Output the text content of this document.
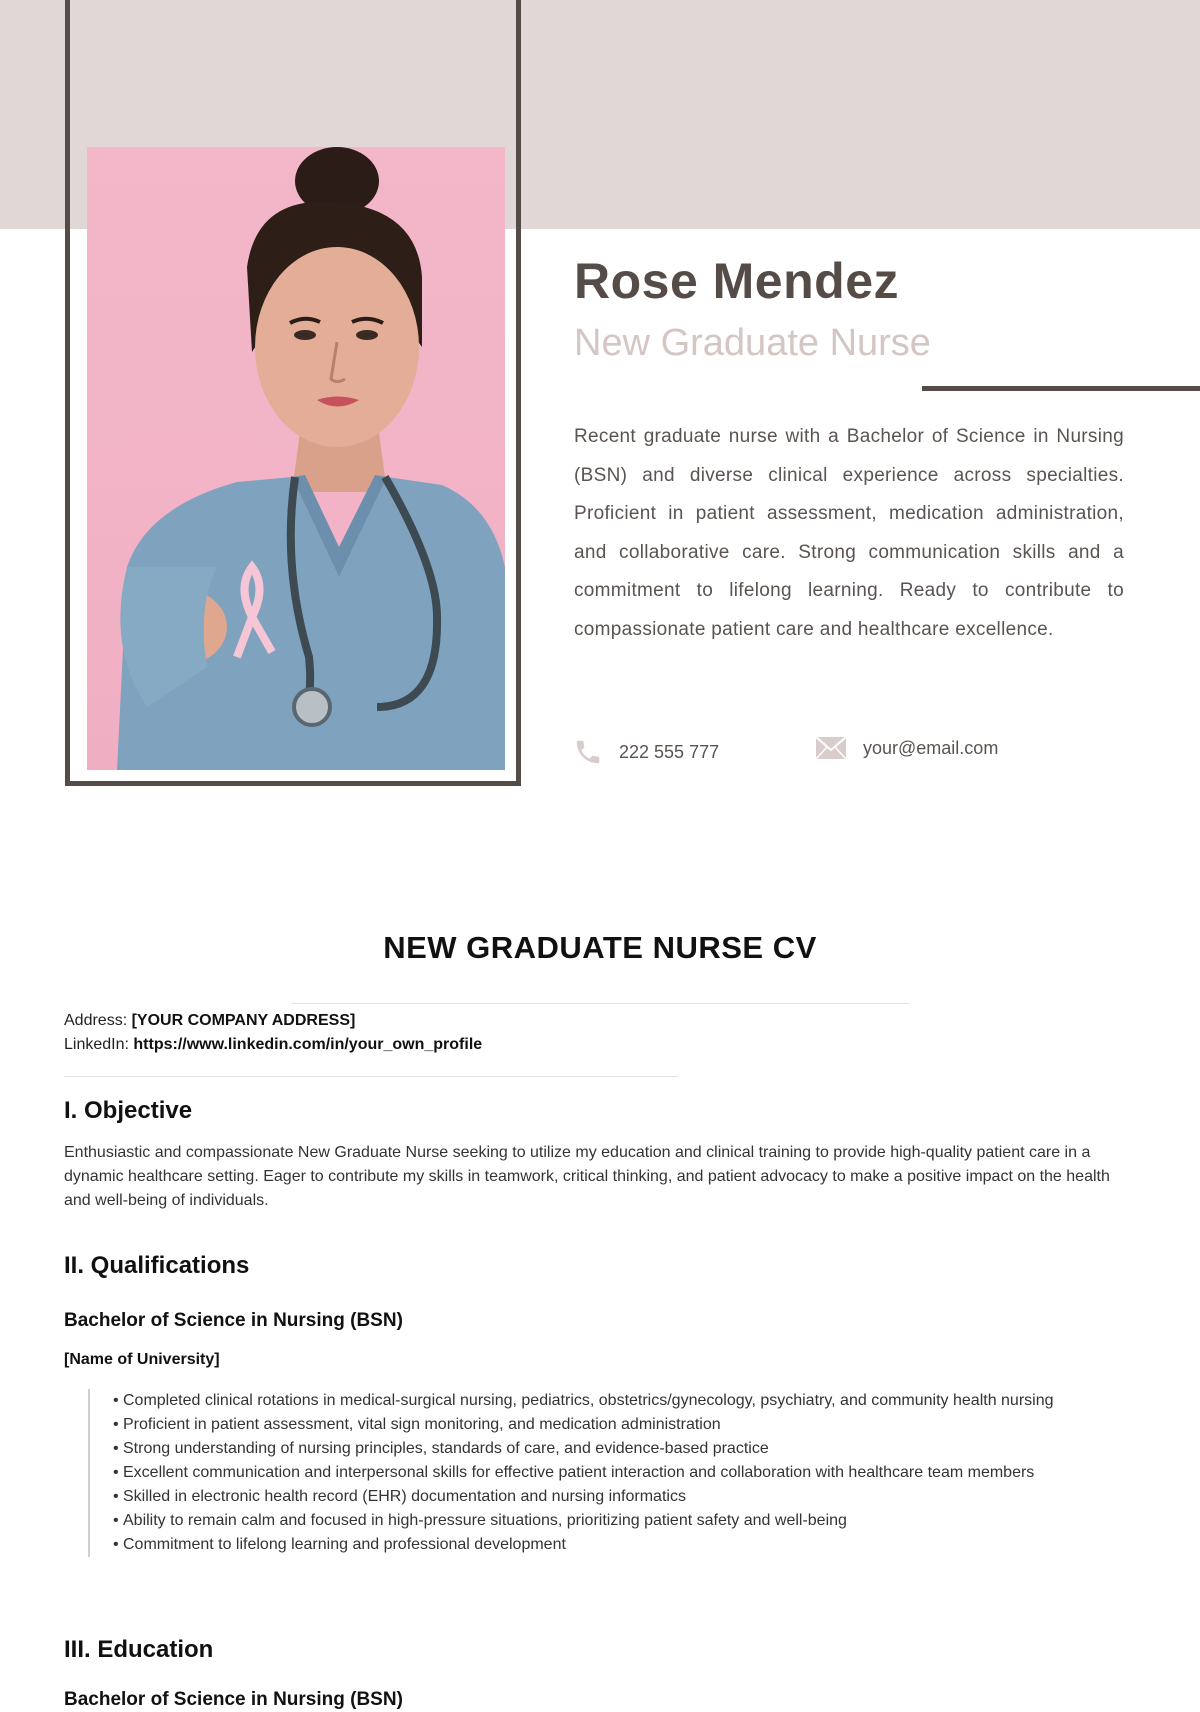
Rose Mendez
New Graduate Nurse

Recent graduate nurse with a Bachelor of Science in Nursing (BSN) and diverse clinical experience across specialties. Proficient in patient assessment, medication administration, and collaborative care. Strong communication skills and a commitment to lifelong learning. Ready to contribute to compassionate patient care and healthcare excellence.

222 555 777	your@email.com
NEW GRADUATE NURSE CV
Address: [YOUR COMPANY ADDRESS]
LinkedIn: https://www.linkedin.com/in/your_own_profile
I. Objective

Enthusiastic and compassionate New Graduate Nurse seeking to utilize my education and clinical training to provide high-quality patient care in a dynamic healthcare setting. Eager to contribute my skills in teamwork, critical thinking, and patient advocacy to make a positive impact on the health and well-being of individuals.

II. Qualifications
Bachelor of Science in Nursing (BSN)

[Name of University]

• Completed clinical rotations in medical-surgical nursing, pediatrics, obstetrics/gynecology, psychiatry, and community health nursing
• Proficient in patient assessment, vital sign monitoring, and medication administration
• Strong understanding of nursing principles, standards of care, and evidence-based practice
• Excellent communication and interpersonal skills for effective patient interaction and collaboration with healthcare team members
• Skilled in electronic health record (EHR) documentation and nursing informatics
• Ability to remain calm and focused in high-pressure situations, prioritizing patient safety and well-being
• Commitment to lifelong learning and professional development
III. Education
Bachelor of Science in Nursing (BSN)
